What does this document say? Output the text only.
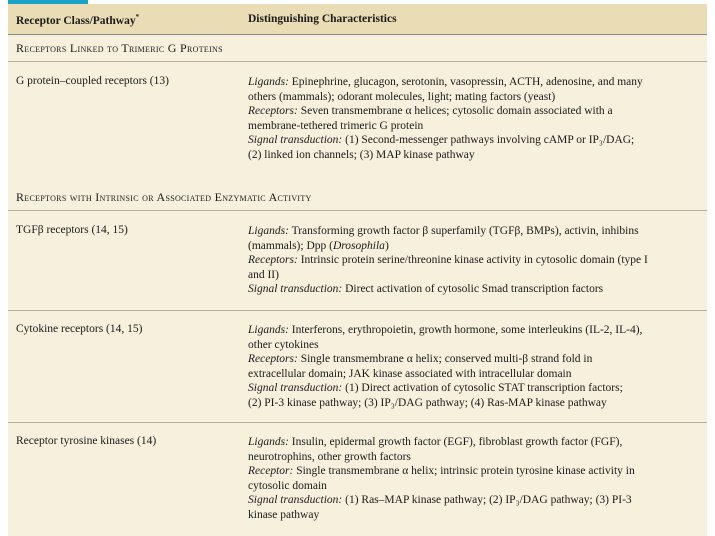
Receptor Class/Pathway*	Distinguishing Characteristics
Receptors Linked to Trimeric G Proteins
G protein–coupled receptors (13)	Ligands: Epinephrine, glucagon, serotonin, vasopressin, ACTH, adenosine, and many
others (mammals); odorant molecules, light; mating factors (yeast)
Receptors: Seven transmembrane α helices; cytosolic domain associated with a
membrane-tethered trimeric G protein
Signal transduction: (1) Second-messenger pathways involving cAMP or IP₃/DAG;
(2) linked ion channels; (3) MAP kinase pathway
Receptors with Intrinsic or Associated Enzymatic Activity
TGFβ receptors (14, 15)	Ligands: Transforming growth factor β superfamily (TGFβ, BMPs), activin, inhibins
(mammals); Dpp (Drosophila)
Receptors: Intrinsic protein serine/threonine kinase activity in cytosolic domain (type I
and II)
Signal transduction: Direct activation of cytosolic Smad transcription factors
Cytokine receptors (14, 15)	Ligands: Interferons, erythropoietin, growth hormone, some interleukins (IL-2, IL-4),
other cytokines
Receptors: Single transmembrane α helix; conserved multi-β strand fold in
extracellular domain; JAK kinase associated with intracellular domain
Signal transduction: (1) Direct activation of cytosolic STAT transcription factors;
(2) PI-3 kinase pathway; (3) IP₃/DAG pathway; (4) Ras-MAP kinase pathway
Receptor tyrosine kinases (14)	Ligands: Insulin, epidermal growth factor (EGF), fibroblast growth factor (FGF),
neurotrophins, other growth factors
Receptor: Single transmembrane α helix; intrinsic protein tyrosine kinase activity in
cytosolic domain
Signal transduction: (1) Ras–MAP kinase pathway; (2) IP₃/DAG pathway; (3) PI-3
kinase pathway
